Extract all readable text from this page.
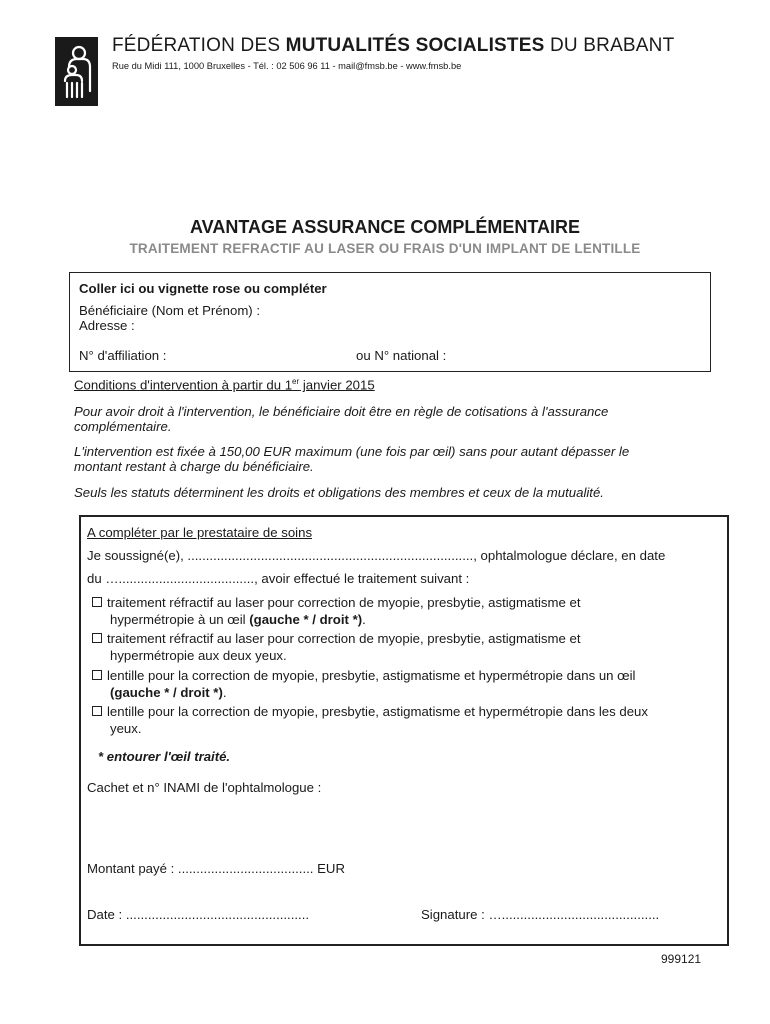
FÉDÉRATION DES MUTUALITÉS SOCIALISTES DU BRABANT
Rue du Midi 111, 1000 Bruxelles - Tél. : 02 506 96 11 - mail@fmsb.be - www.fmsb.be
AVANTAGE ASSURANCE COMPLÉMENTAIRE
TRAITEMENT REFRACTIF AU LASER OU FRAIS D'UN IMPLANT DE LENTILLE
Coller ici ou vignette rose ou compléter
Bénéficiaire (Nom et Prénom) :
Adresse :
N° d'affiliation :	ou N° national :
Conditions d'intervention à partir du 1er janvier 2015
Pour avoir droit à l'intervention, le bénéficiaire doit être en règle de cotisations à l'assurance
complémentaire.
L'intervention est fixée à 150,00 EUR maximum (une fois par œil) sans pour autant dépasser le
montant restant à charge du bénéficiaire.
Seuls les statuts déterminent les droits et obligations des membres et ceux de la mutualité.
A compléter par le prestataire de soins
Je soussigné(e), .............................................................................., ophtalmologue déclare, en date
du …....................................., avoir effectué le traitement suivant :
traitement réfractif au laser pour correction de myopie, presbytie, astigmatisme et
hypermétropie à un œil (gauche * / droit *).
traitement réfractif au laser pour correction de myopie, presbytie, astigmatisme et
hypermétropie aux deux yeux.
lentille pour la correction de myopie, presbytie, astigmatisme et hypermétropie dans un œil
(gauche * / droit *).
lentille pour la correction de myopie, presbytie, astigmatisme et hypermétropie dans les deux
yeux.
* entourer l'œil traité.
Cachet et n° INAMI de l'ophtalmologue :
Montant payé : ..................................... EUR
Date : ..................................................	Signature : …...........................................
999121
